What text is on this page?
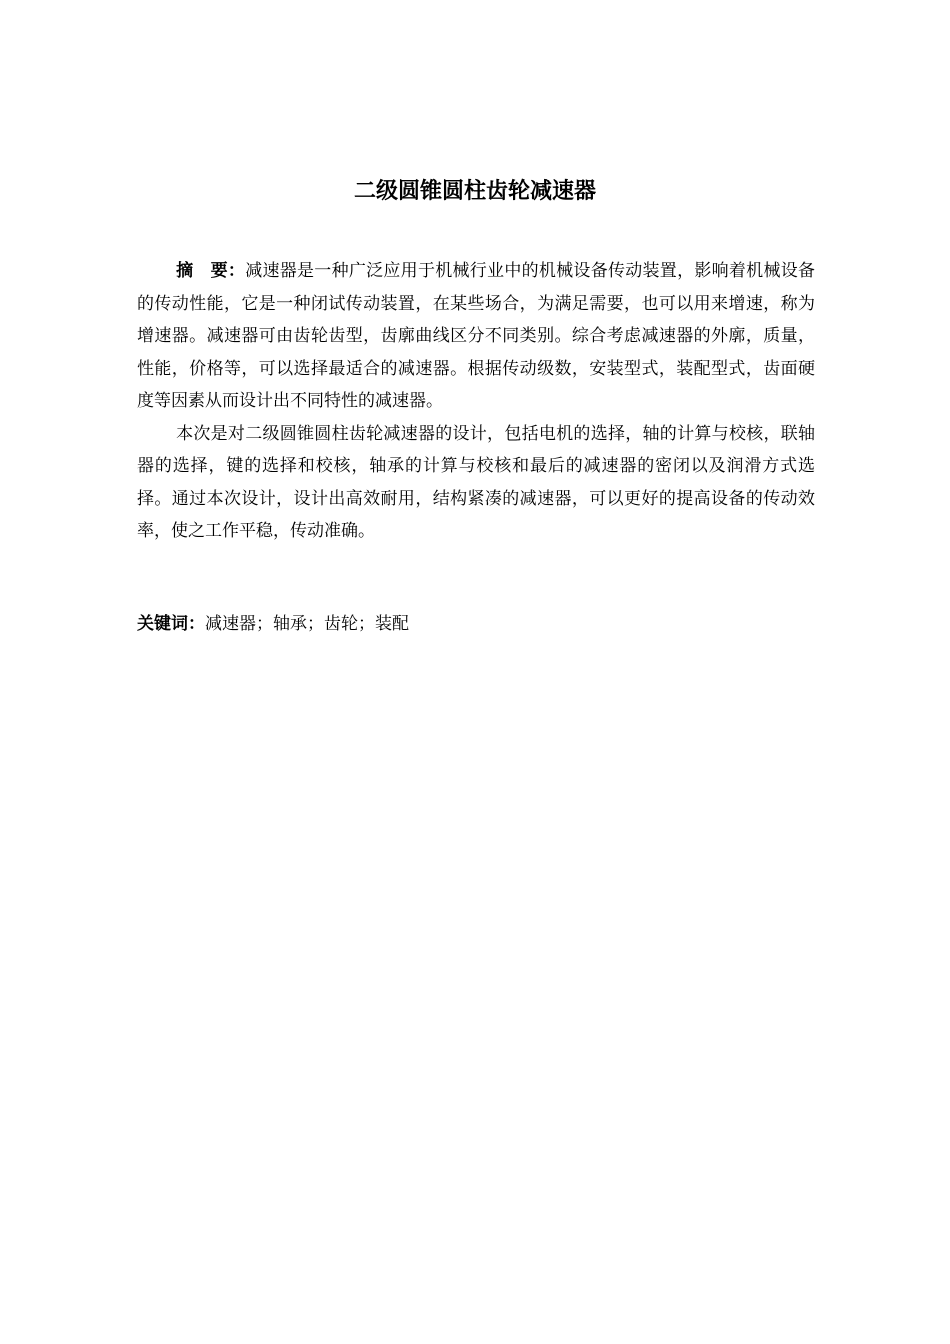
二级圆锥圆柱齿轮减速器

摘　要：减速器是一种广泛应用于机械行业中的机械设备传动装置，影响着机械设备的传动性能，它是一种闭试传动装置，在某些场合，为满足需要，也可以用来增速，称为增速器。减速器可由齿轮齿型，齿廓曲线区分不同类别。综合考虑减速器的外廓，质量，性能，价格等，可以选择最适合的减速器。根据传动级数，安装型式，装配型式，齿面硬度等因素从而设计出不同特性的减速器。

本次是对二级圆锥圆柱齿轮减速器的设计，包括电机的选择，轴的计算与校核，联轴器的选择，键的选择和校核，轴承的计算与校核和最后的减速器的密闭以及润滑方式选择。通过本次设计，设计出高效耐用，结构紧凑的减速器，可以更好的提高设备的传动效率，使之工作平稳，传动准确。

关键词：减速器；轴承；齿轮；装配
